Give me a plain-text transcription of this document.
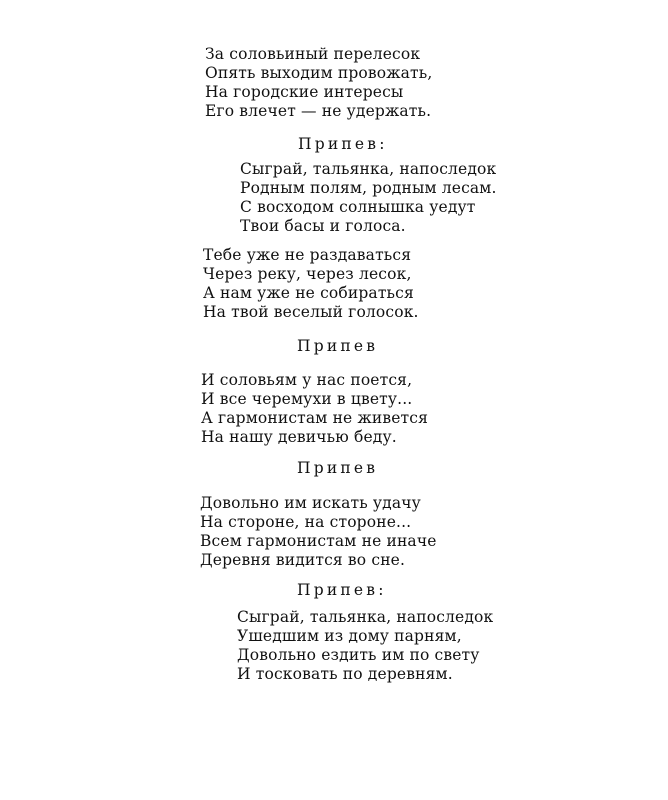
За соловьиный перелесок
Опять выходим провожать,
На городские интересы
Его влечет — не удержать.
Припев:
Сыграй, тальянка, напоследок
Родным полям, родным лесам.
С восходом солнышка уедут
Твои басы и голоса.
Тебе уже не раздаваться
Через реку, через лесок,
А нам уже не собираться
На твой веселый голосок.
Припев
И соловьям у нас поется,
И все черемухи в цвету...
А гармонистам не живется
На нашу девичью беду.
Припев
Довольно им искать удачу
На стороне, на стороне...
Всем гармонистам не иначе
Деревня видится во сне.
Припев:
Сыграй, тальянка, напоследок
Ушедшим из дому парням,
Довольно ездить им по свету
И тосковать по деревням.
